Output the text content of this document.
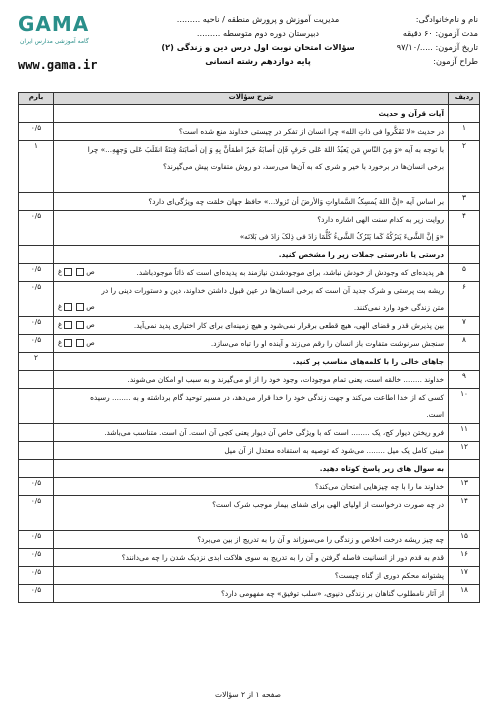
GAMA
گامه آموزشی مدارس ایران
www.gama.ir
مدیریت آموزش و پرورش منطقه / ناحیه .........
دبیرستان دوره دوم متوسطه .........
سؤالات امتحان نوبت اول درس دین و زندگی (۲)
پایه دوازدهم رشته انسانی
نام و نام‌خانوادگی:
مدت آزمون: ۶۰ دقیقه
تاریخ آزمون: ...../۹۷/۱۰
طراح آزمون:
ردیف	شرح سؤالات	بارم

	آیات قرآن و حدیث	

۱	در حدیث «لا تَفَکَّروا فی ذاتِ الله» چرا انسان از تفکر در چیستی خداوند منع شده است؟	۰/۵
۲	با توجه به آیه «وَ مِنَ النّاسِ مَن یَعبُدُ اللهَ عَلی حَرفٍ فَإن أصابَهُ خَیرٌ اطمَأنَّ بِهِ وَ إن أصابَتهُ فِتنَةٌ انقَلَبَ عَلی وَجهِهِ...» چرا
برخی انسان‌ها در برخورد با خیر و شری که به آن‌ها می‌رسد، دو روش متفاوت پیش می‌گیرند؟	۱
۳	بر اساس آیه «إنَّ اللهَ یُمسِکُ السَّماواتِ وَالأرضَ أن تَزولا...» حافظ جهان خلقت چه ویژگی‌ای دارد؟	

۴	روایت زیر به کدام سنت الهی اشاره دارد؟
«وَ إنَّ الشَّیءَ یَترُکُهُ کَما یَتَرُکُ الشَّیءُ کُلُّمَا زادَ فی ذِلکَ زادَ فی بَلائه»	۰/۵

	درستی یا نادرستی جملات زیر را مشخص کنید.	

۵	صغ هر پدیده‌ای که وجودش از خودش نباشد، برای موجودشدن نیازمند به پدیده‌ای است که ذاتاً موجودباشد.	۰/۵
۶	ریشه بت پرستی و شرک جدید آن است که برخی انسان‌ها در عین قبول داشتن خداوند، دین و دستورات دینی را در
صغ متن زندگی خود وارد نمی‌کنند.	۰/۵
۷	صغ بین پذیرش قدر و قضای الهی، هیچ قطعی برقرار نمی‌شود و هیچ زمینه‌ای برای کار اختیاری پدید نمی‌آید.	۰/۵
۸	صغ سنجش سرنوشت متفاوت باز انسان را رقم می‌زند و آینده او را تباه می‌سازد.	۰/۵

	جاهای خالی را با کلمه‌های مناسب پر کنید.	۲
۹	خداوند ........ خالقه است، یعنی تمام موجودات، وجود خود را از او می‌گیرند و به سبب او امکان می‌شوند.	

۱۰	کسی که از خدا اطاعت می‌کند و جهت زندگی خود را خدا قرار می‌دهد، در مسیر توحید گام برداشته و به ........ رسیده
است.	

۱۱	فرو ریختن دیوار کج، یک ........ است که با ویژگی خاص آن دیوار یعنی کجی آن است. آن است. متناسب می‌باشد.	

۱۲	مبنی کامل یک میل ........ می‌شود که توصیه به استفاده معتدل از آن میل	

	به سوال های زیر پاسخ کوتاه دهید.	

۱۳	خداوند ما را با چه چیزهایی امتحان می‌کند؟	۰/۵
۱۴	در چه صورت درخواست از اولیای الهی برای شفای بیمار موجب شرک است؟	۰/۵
۱۵	چه چیز ریشه درخت اخلاص و زندگی را می‌سوزاند و آن را به تدریج از بین می‌برد؟	۰/۵
۱۶	قدم به قدم دور از انسانیت فاصله گرفتن و آن را به تدریج به سوی هلاکت ابدی نزدیک شدن را چه می‌دانند؟	۰/۵
۱۷	پشتوانه محکم دوری از گناه چیست؟	۰/۵
۱۸	از آثار نامطلوب گناهان بر زندگی دنیوی، «سلب توفیق» چه مفهومی دارد؟	۰/۵
صفحه ۱ از ۲ سؤالات
